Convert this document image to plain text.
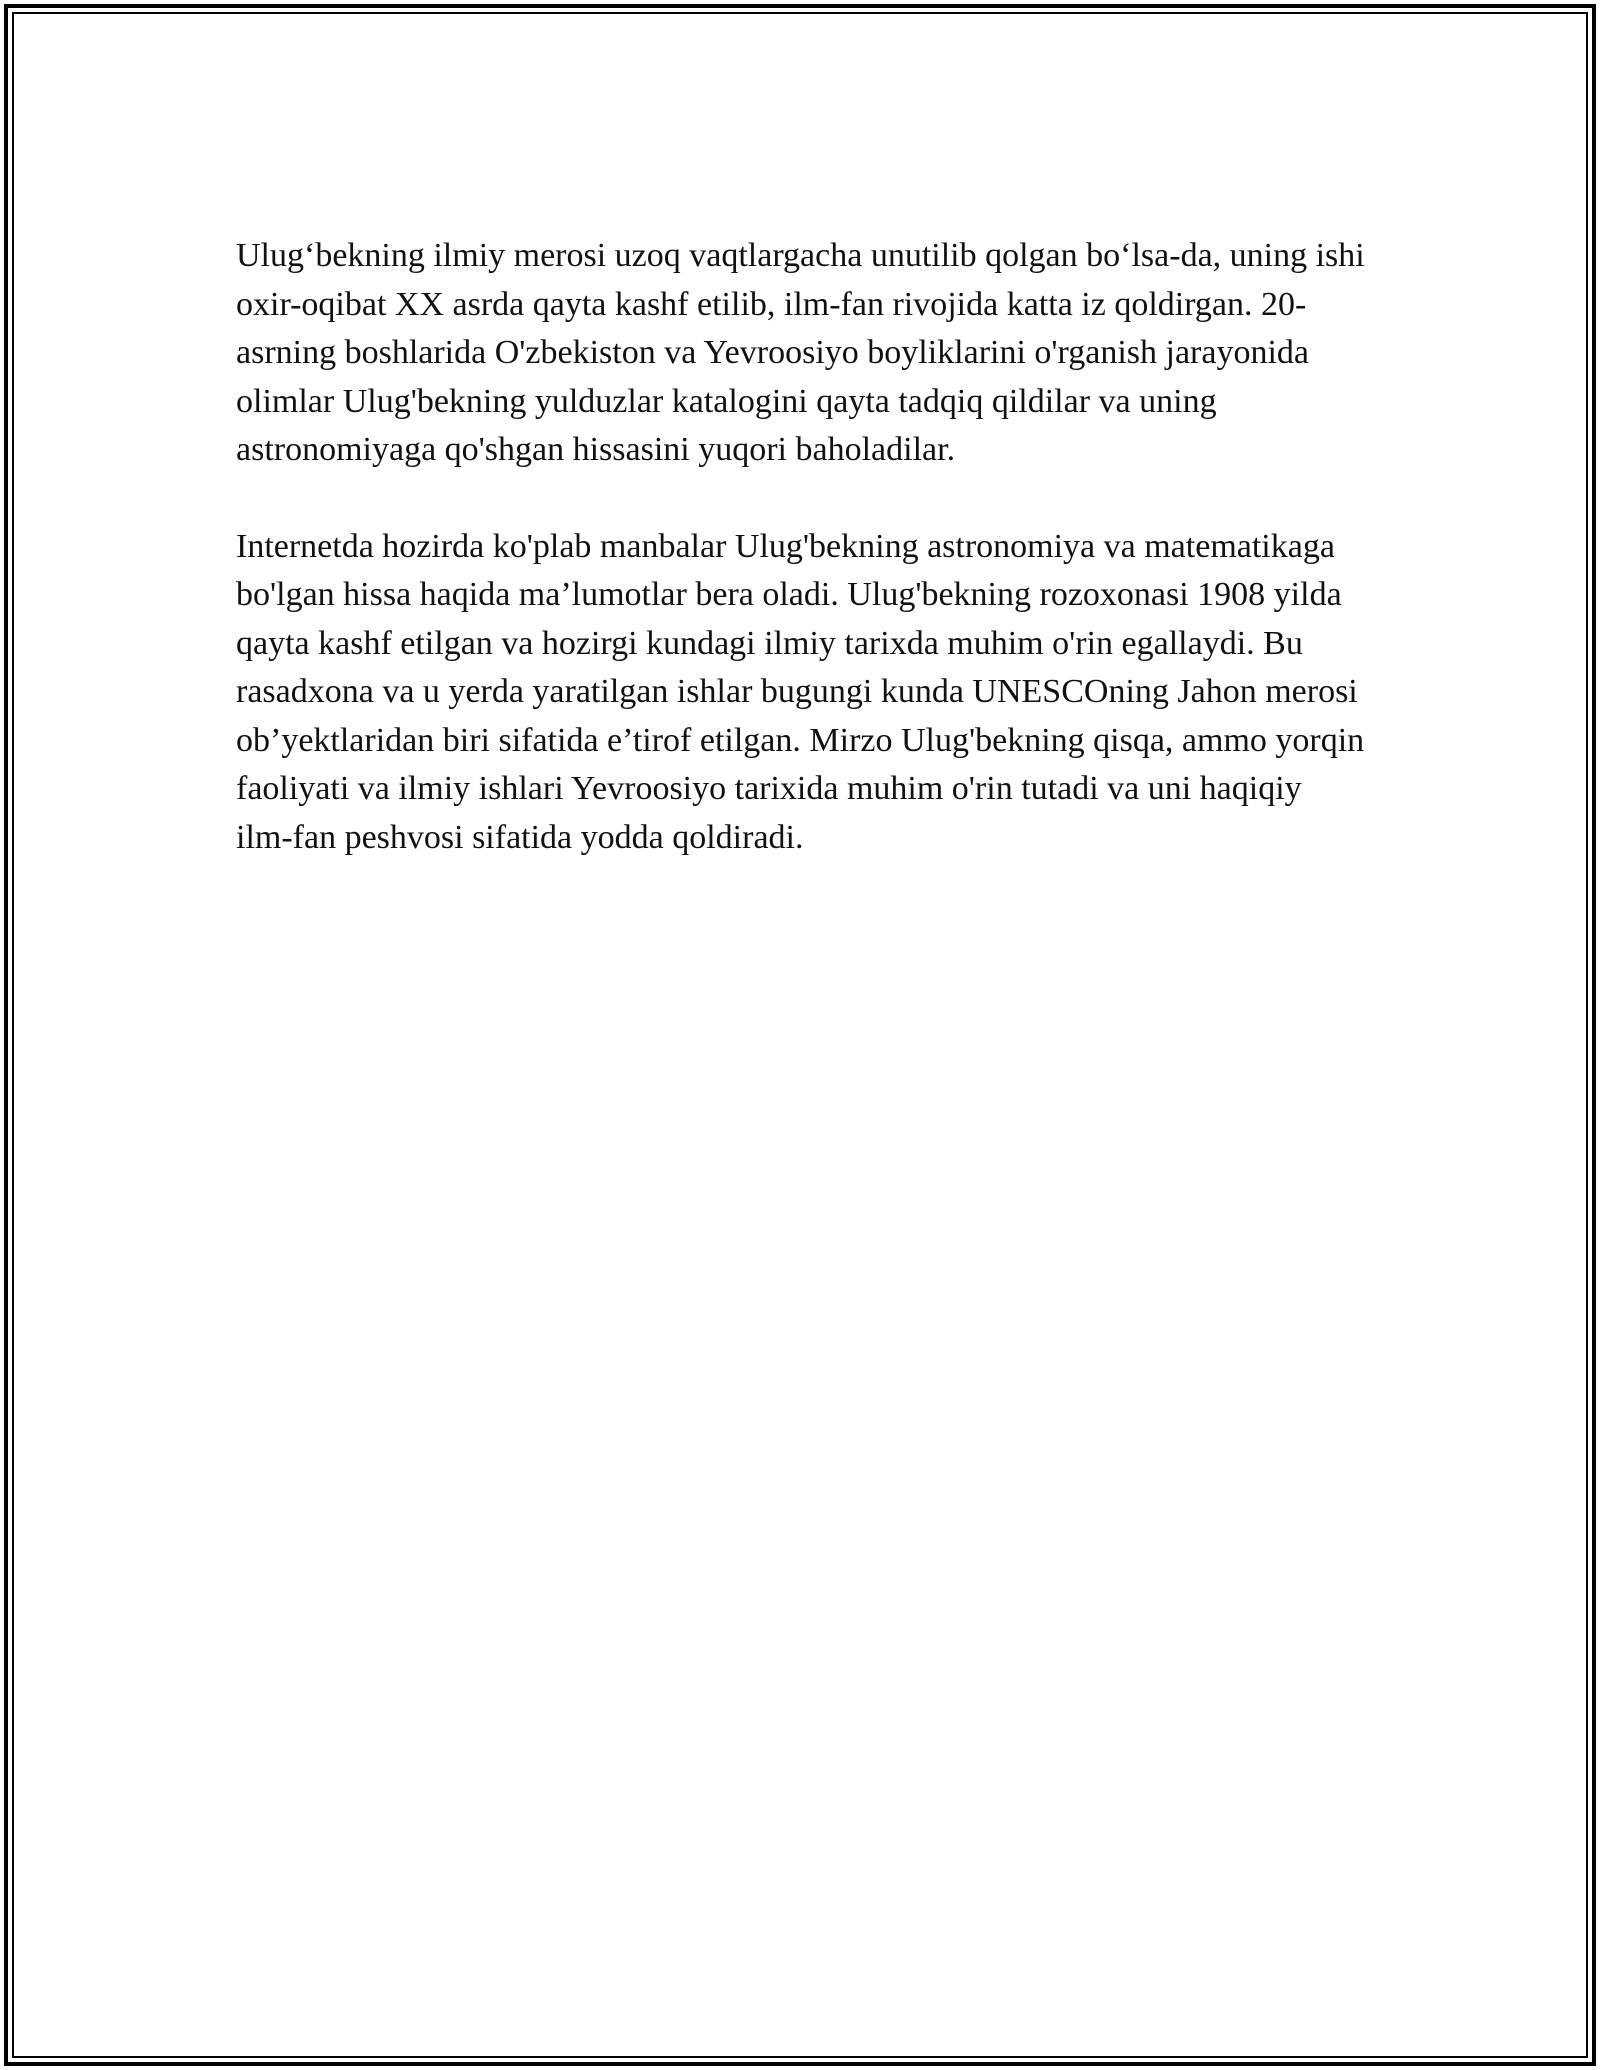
Ulug‘bekning ilmiy merosi uzoq vaqtlargacha unutilib qolgan bo‘lsa-da, uning ishi oxir-oqibat XX asrda qayta kashf etilib, ilm-fan rivojida katta iz qoldirgan. 20-asrning boshlarida O'zbekiston va Yevroosiyo boyliklarini o'rganish jarayonida olimlar Ulug'bekning yulduzlar katalogini qayta tadqiq qildilar va uning astronomiyaga qo'shgan hissasini yuqori baholadilar.

Internetda hozirda ko'plab manbalar Ulug'bekning astronomiya va matematikaga bo'lgan hissa haqida ma’lumotlar bera oladi. Ulug'bekning rozoxonasi 1908 yilda qayta kashf etilgan va hozirgi kundagi ilmiy tarixda muhim o'rin egallaydi. Bu rasadxona va u yerda yaratilgan ishlar bugungi kunda UNESCOning Jahon merosi ob’yektlaridan biri sifatida e’tirof etilgan. Mirzo Ulug'bekning qisqa, ammo yorqin faoliyati va ilmiy ishlari Yevroosiyo tarixida muhim o'rin tutadi va uni haqiqiy ilm-fan peshvosi sifatida yodda qoldiradi.
